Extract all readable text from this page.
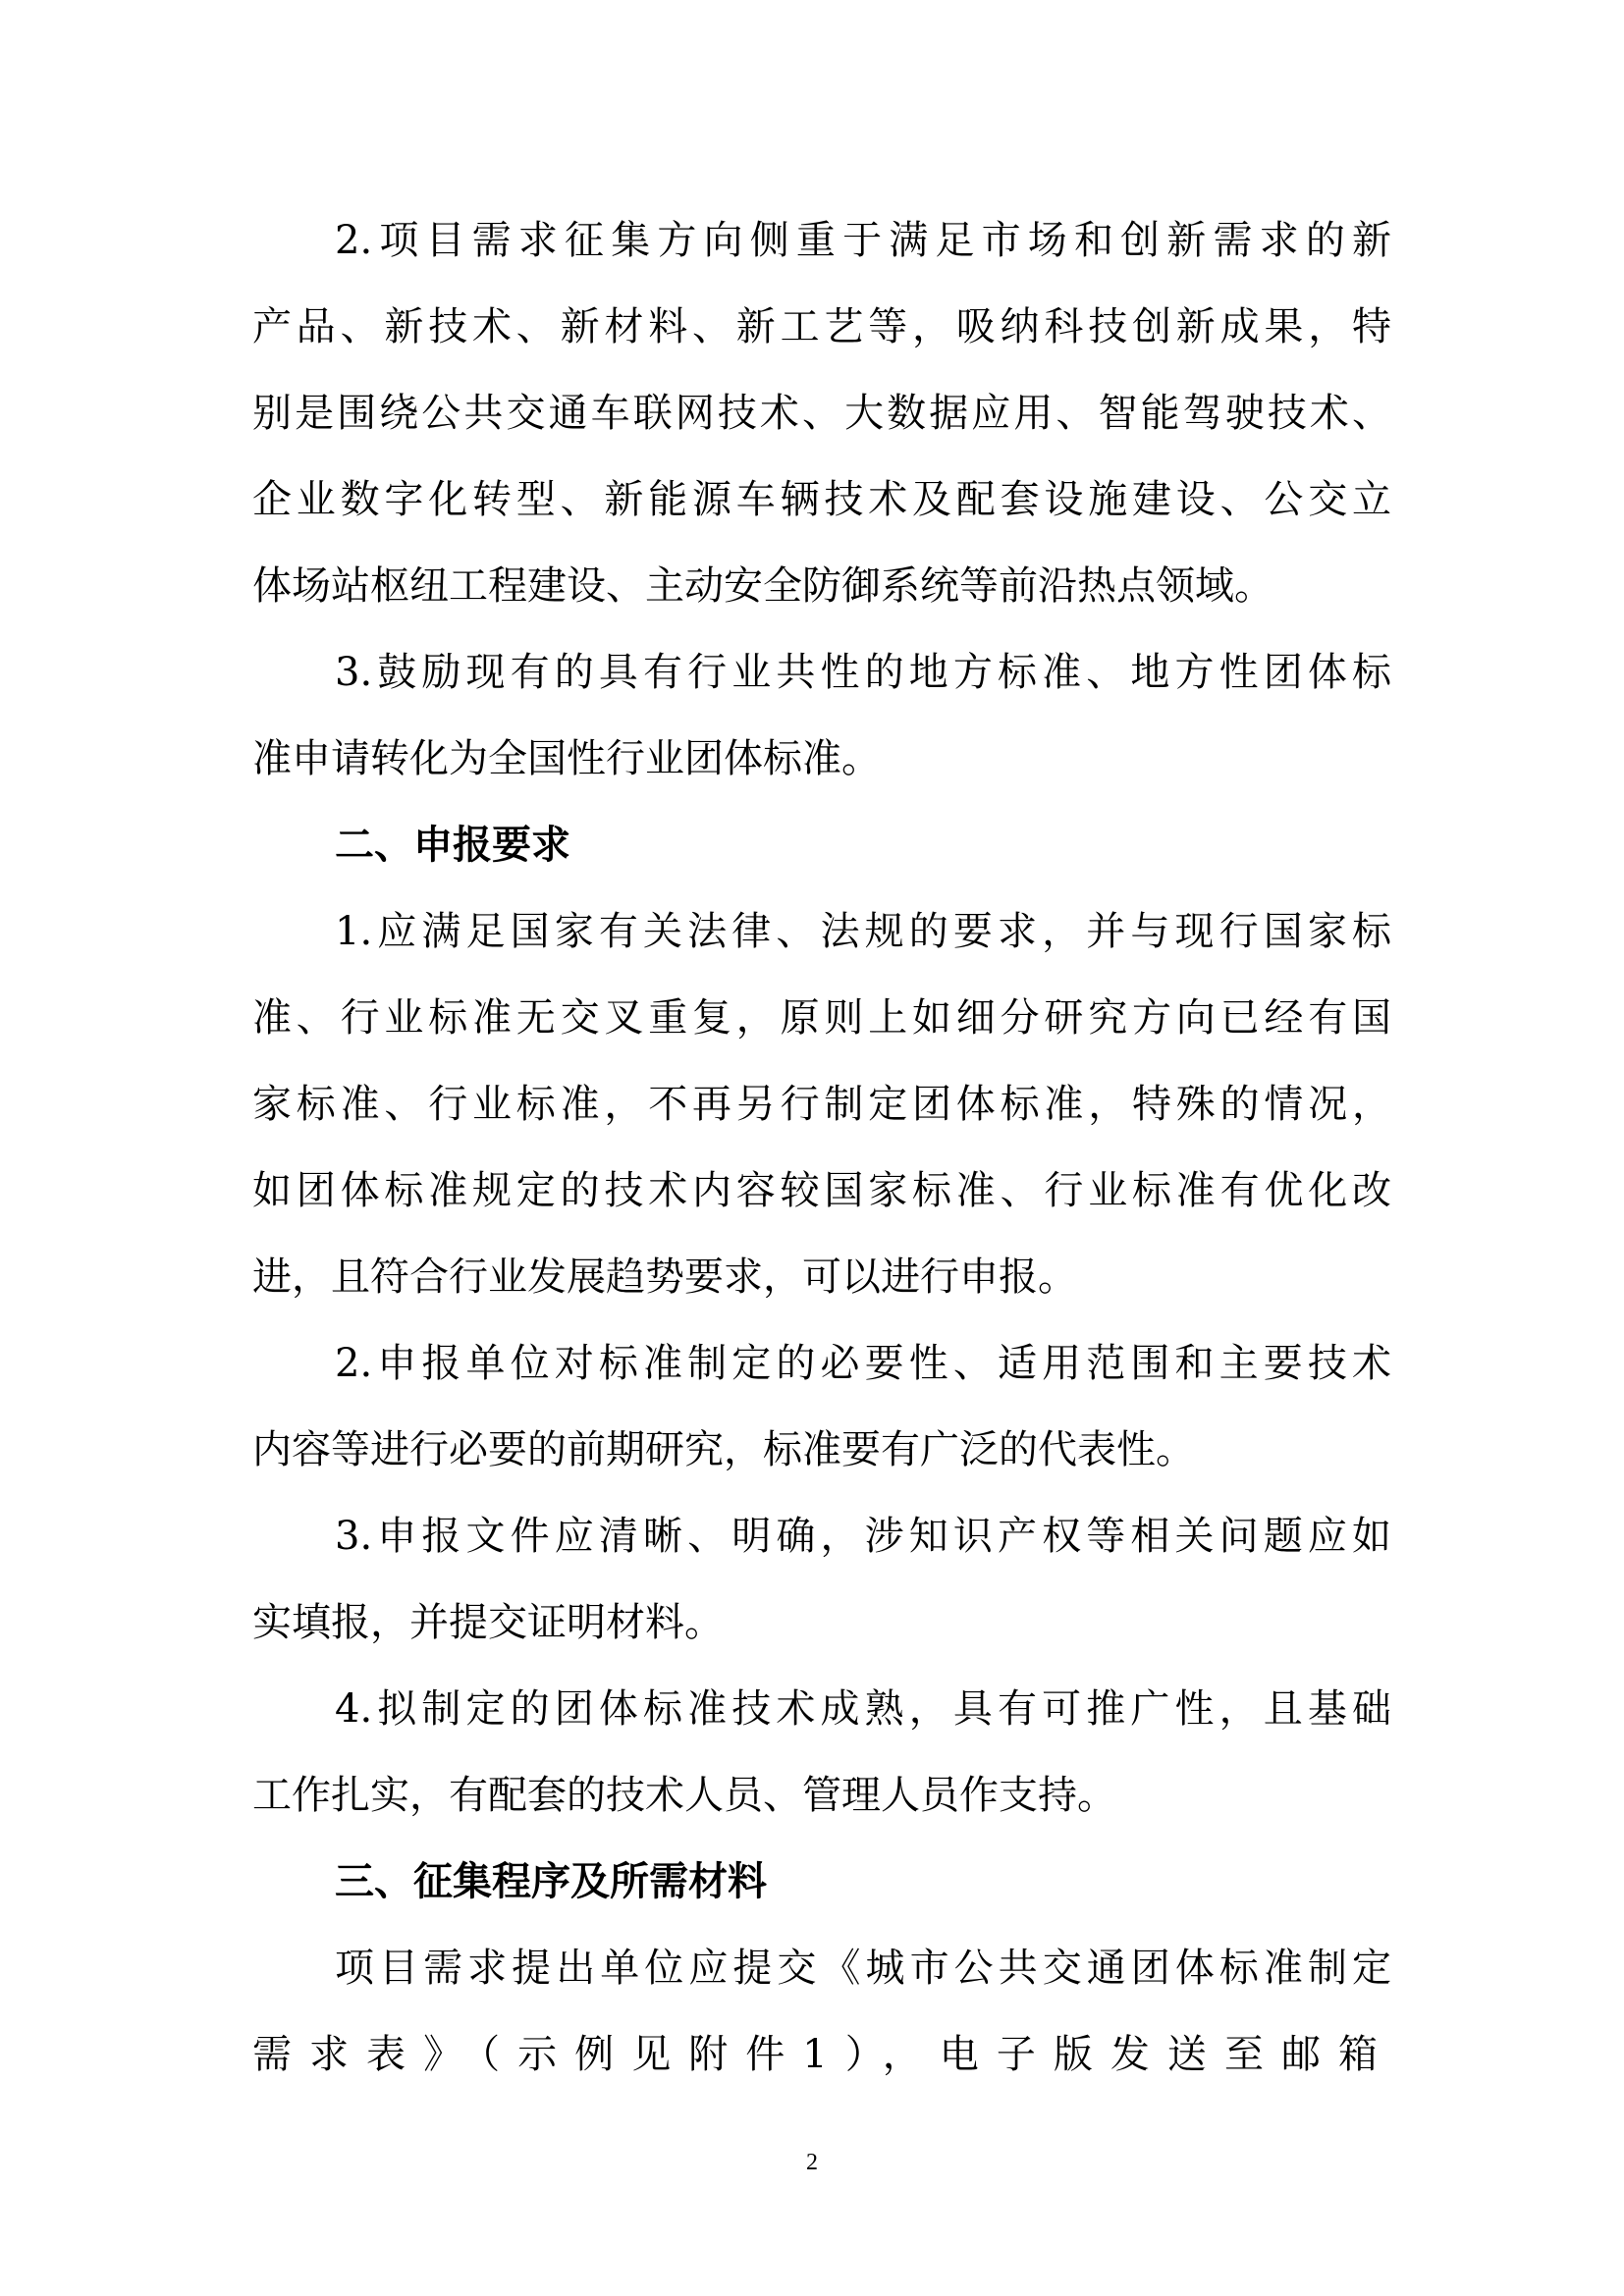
2.项目需求征集方向侧重于满足市场和创新需求的新
产品、新技术、新材料、新工艺等，吸纳科技创新成果，特
别是围绕公共交通车联网技术、大数据应用、智能驾驶技术、
企业数字化转型、新能源车辆技术及配套设施建设、公交立
体场站枢纽工程建设、主动安全防御系统等前沿热点领域。
3.鼓励现有的具有行业共性的地方标准、地方性团体标
准申请转化为全国性行业团体标准。
二、申报要求
1.应满足国家有关法律、法规的要求，并与现行国家标
准、行业标准无交叉重复，原则上如细分研究方向已经有国
家标准、行业标准，不再另行制定团体标准，特殊的情况，
如团体标准规定的技术内容较国家标准、行业标准有优化改
进，且符合行业发展趋势要求，可以进行申报。
2.申报单位对标准制定的必要性、适用范围和主要技术
内容等进行必要的前期研究，标准要有广泛的代表性。
3.申报文件应清晰、明确，涉知识产权等相关问题应如
实填报，并提交证明材料。
4.拟制定的团体标准技术成熟，具有可推广性，且基础
工作扎实，有配套的技术人员、管理人员作支持。
三、征集程序及所需材料
项目需求提出单位应提交《城市公共交通团体标准制定
需求表》（示例见附件1），电子版发送至邮箱
2
